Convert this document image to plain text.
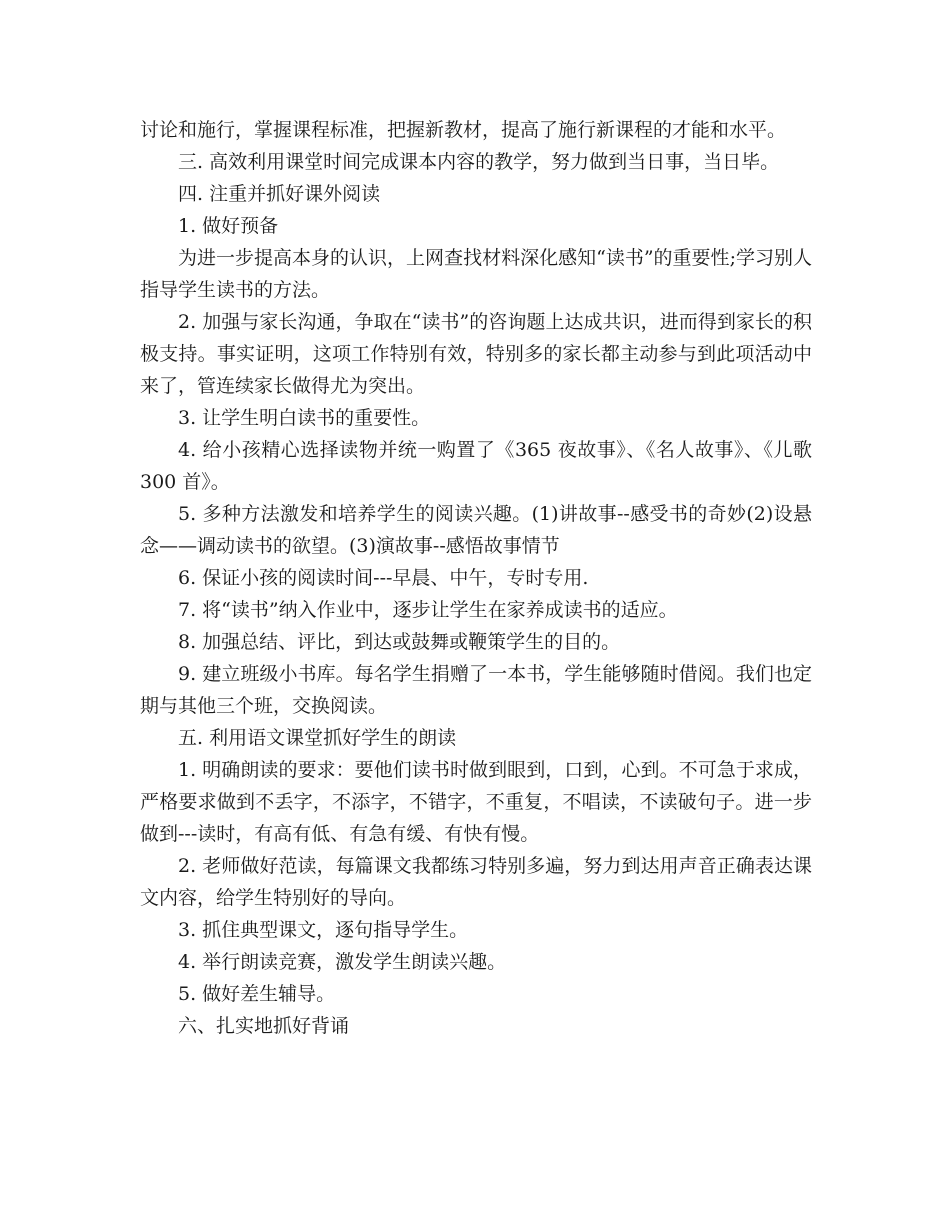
讨论和施行，掌握课程标准，把握新教材，提高了施行新课程的才能和水平。

三. 高效利用课堂时间完成课本内容的教学，努力做到当日事，当日毕。

四. 注重并抓好课外阅读

1. 做好预备

为进一步提高本身的认识，上网查找材料深化感知“读书”的重要性;学习别人指导学生读书的方法。

2. 加强与家长沟通，争取在“读书”的咨询题上达成共识，进而得到家长的积极支持。事实证明，这项工作特别有效，特别多的家长都主动参与到此项活动中来了，管连续家长做得尤为突出。

3. 让学生明白读书的重要性。

4. 给小孩精心选择读物并统一购置了《365 夜故事》、《名人故事》、《儿歌 300 首》。

5. 多种方法激发和培养学生的阅读兴趣。(1)讲故事--感受书的奇妙(2)设悬念——调动读书的欲望。(3)演故事--感悟故事情节

6. 保证小孩的阅读时间---早晨、中午，专时专用.

7. 将“读书”纳入作业中，逐步让学生在家养成读书的适应。

8. 加强总结、评比，到达或鼓舞或鞭策学生的目的。

9. 建立班级小书库。每名学生捐赠了一本书，学生能够随时借阅。我们也定期与其他三个班，交换阅读。

五. 利用语文课堂抓好学生的朗读

1. 明确朗读的要求：要他们读书时做到眼到，口到，心到。不可急于求成，严格要求做到不丢字，不添字，不错字，不重复，不唱读，不读破句子。进一步做到---读时，有高有低、有急有缓、有快有慢。

2. 老师做好范读，每篇课文我都练习特别多遍，努力到达用声音正确表达课文内容，给学生特别好的导向。

3. 抓住典型课文，逐句指导学生。

4. 举行朗读竞赛，激发学生朗读兴趣。

5. 做好差生辅导。

六、扎实地抓好背诵
